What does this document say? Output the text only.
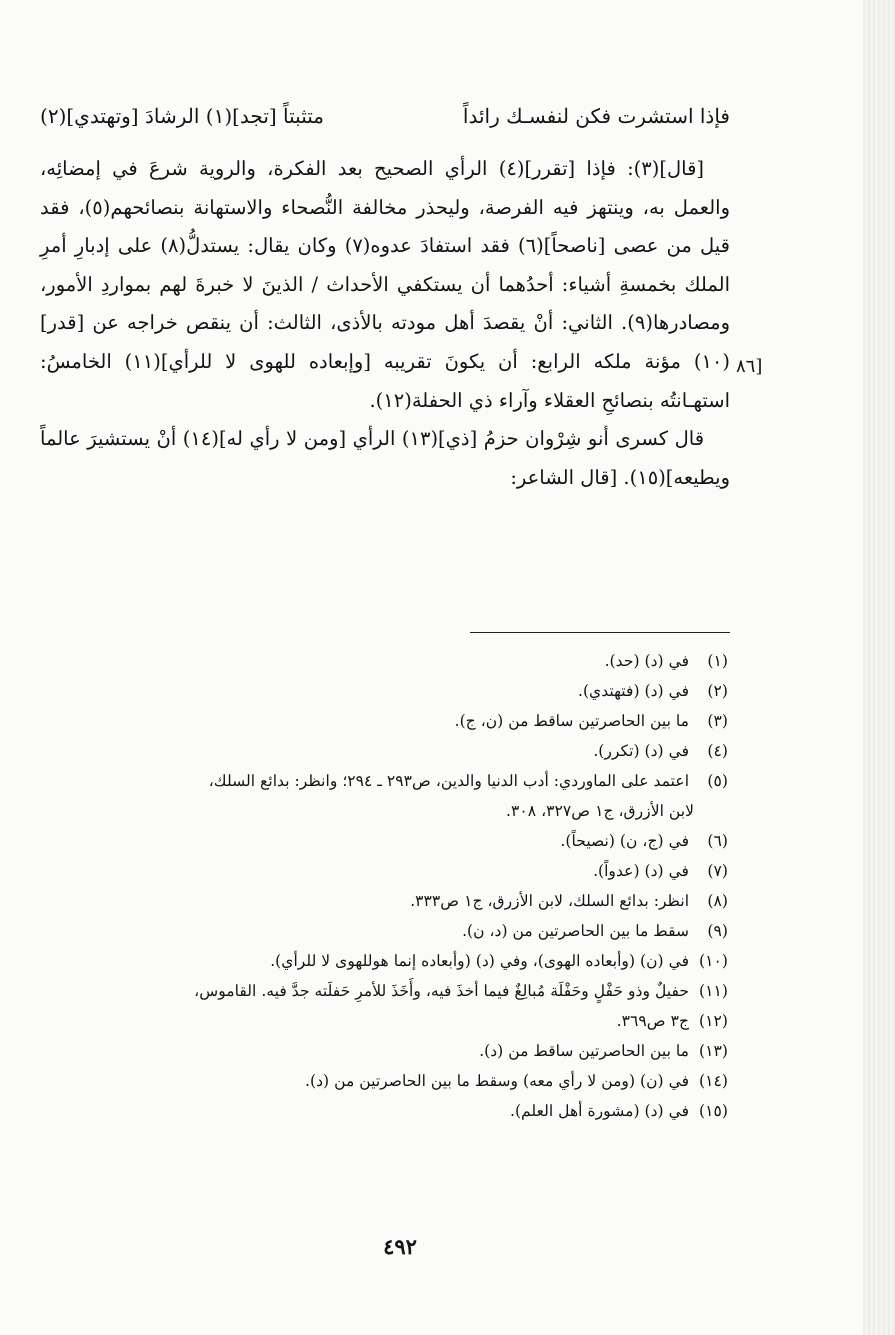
فإذا استشرت فكن لنفسـك رائداً
متثبتاً [تجد](١) الرشادَ [وتهتدي](٢)

[قال](٣): فإذا [تقرر](٤) الرأي الصحيح بعد الفكرة، والروية شرعَ في إمضائِه، والعمل به، وينتهز فيه الفرصة، وليحذر مخالفة النُّصحاء والاستهانة بنصائحهم(٥)، فقد قيل من عصى [ناصحاً](٦) فقد استفادَ عدوه(٧) وكان يقال: يستدلُّ(٨) على إدبارِ أمرِ الملك بخمسةِ أشياء: أحدُهما أن يستكفي الأحداث / الذينَ لا خبرةَ لهم بمواردِ الأمور، ومصادرها(٩). الثاني: أنْ يقصدَ أهل مودته بالأذى، الثالث: أن ينقص خراجه عن [قدر](١٠) مؤنة ملكه الرابع: أن يكونَ تقريبه [وإبعاده للهوى لا للرأي](١١) الخامسُ: استهـانتُه بنصائحِ العقلاء وآراء ذي الحفلة(١٢).

قال كسرى أنو شِرْوان حزمُ [ذي](١٣) الرأي [ومن لا رأي له](١٤) أنْ يستشيرَ عالماً ويطيعه](١٥). [قال الشاعر:

[٨٦
(١) في (د) (حد).
(٢) في (د) (فتهتدي).
(٣) ما بين الحاصرتين ساقط من (ن، ج).
(٤) في (د) (تكرر).
(٥) اعتمد على الماوردي: أدب الدنيا والدين، ص٢٩٣ ـ ٢٩٤؛ وانظر: بدائع السلك،
لابن الأزرق، ج١ ص٣٢٧، ٣٠٨.
(٦) في (ج، ن) (نصيحاً).
(٧) في (د) (عدواً).
(٨) انظر: بدائع السلك، لابن الأزرق، ج١ ص٣٣٣.
(٩) سقط ما بين الحاصرتين من (د، ن).
(١٠) في (ن) (وأبعاده الهوى)، وفي (د) (وأبعاده إنما هوللهوى لا للرأي).
(١١) حفيلٌ وذو حَفْلٍ وحَفْلَة مُبالِغٌ فيما أخذَ فيه، وأَخَذَ للأمرِ حَفلَته جدَّ فيه. القاموس،
(١٢) ج٣ ص٣٦٩.
(١٣) ما بين الحاصرتين ساقط من (د).
(١٤) في (ن) (ومن لا رأي معه) وسقط ما بين الحاصرتين من (د).
(١٥) في (د) (مشورة أهل العلم).
٤٩٢
